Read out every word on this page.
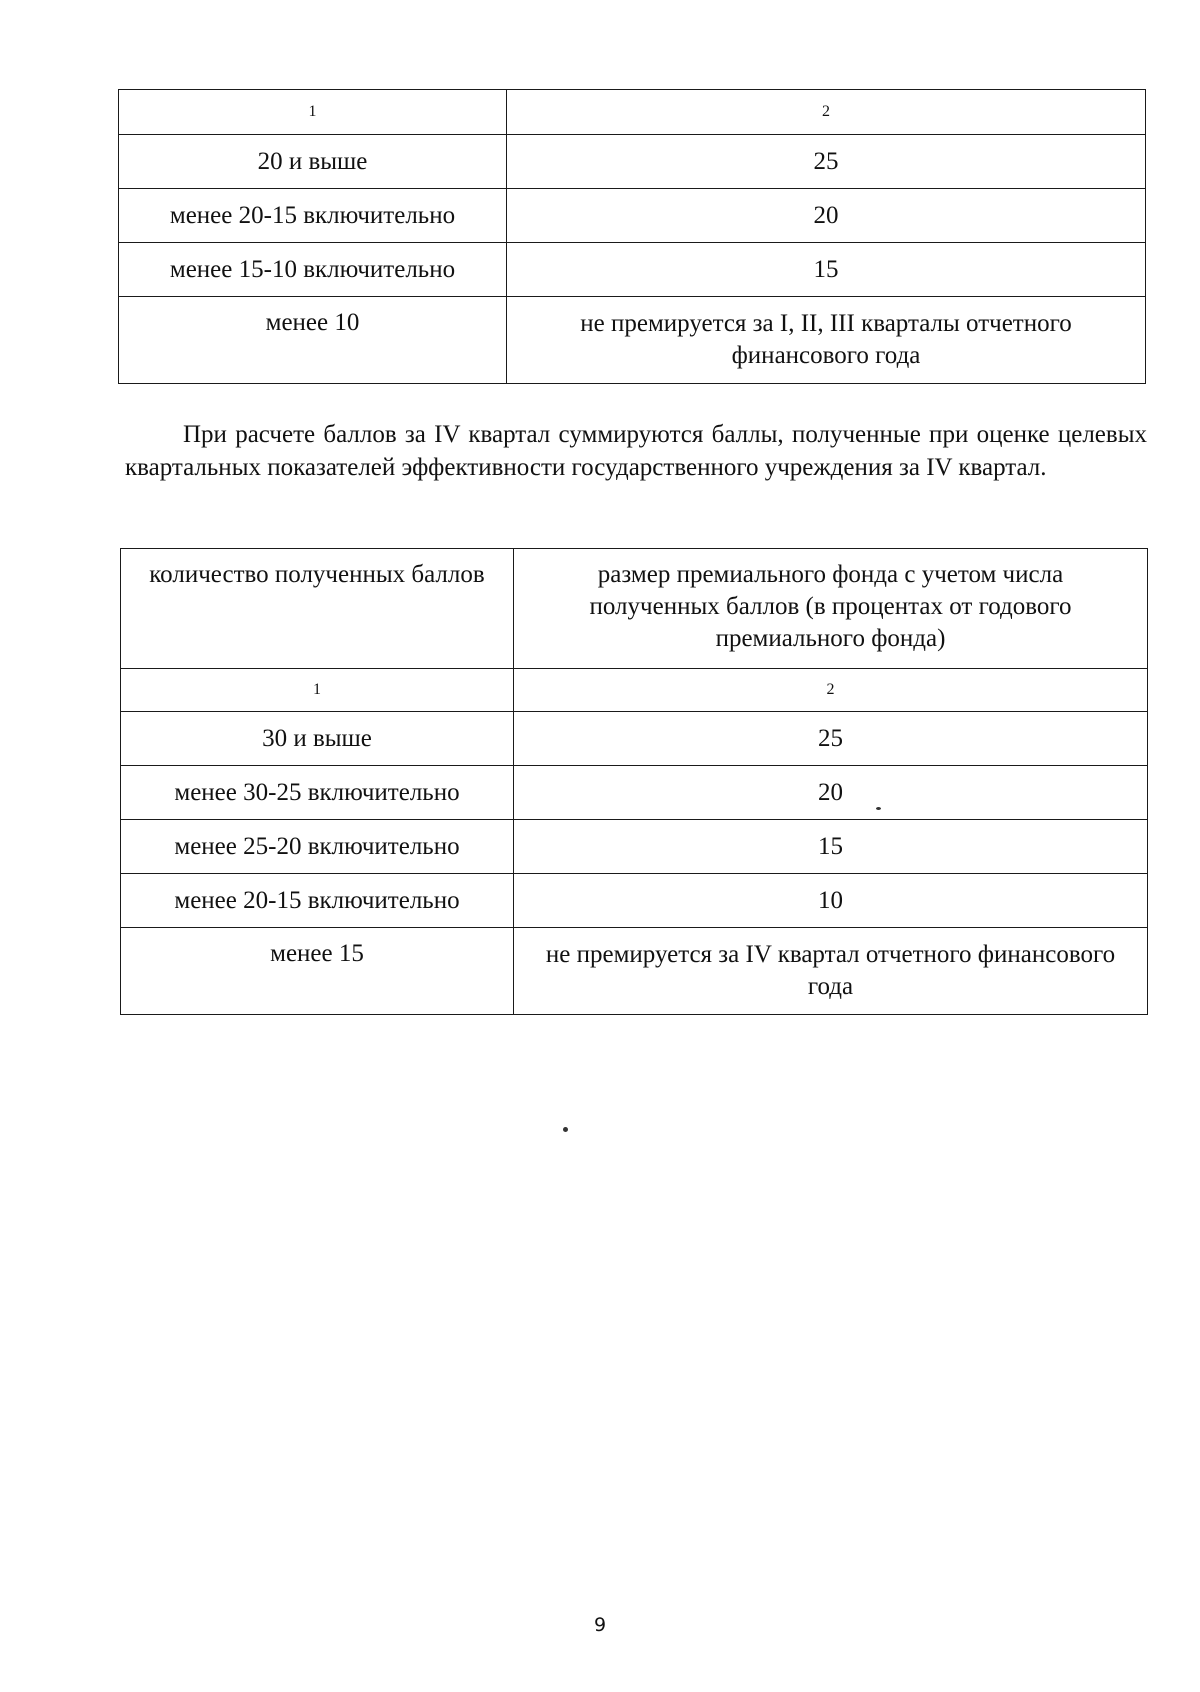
1	2
20 и выше	25
менее 20-15 включительно	20
менее 15-10 включительно	15
менее 10	не премируется за I, II, III кварталы отчетного финансового года

При расчете баллов за IV квартал суммируются баллы, полученные при оценке целевых квартальных показателей эффективности государственного учреждения за IV квартал.

количество полученных баллов	размер премиального фонда с учетом числа полученных баллов (в процентах от годового премиального фонда)
1	2
30 и выше	25
менее 30-25 включительно	20
менее 25-20 включительно	15
менее 20-15 включительно	10
менее 15	не премируется за IV квартал отчетного финансового года

9
